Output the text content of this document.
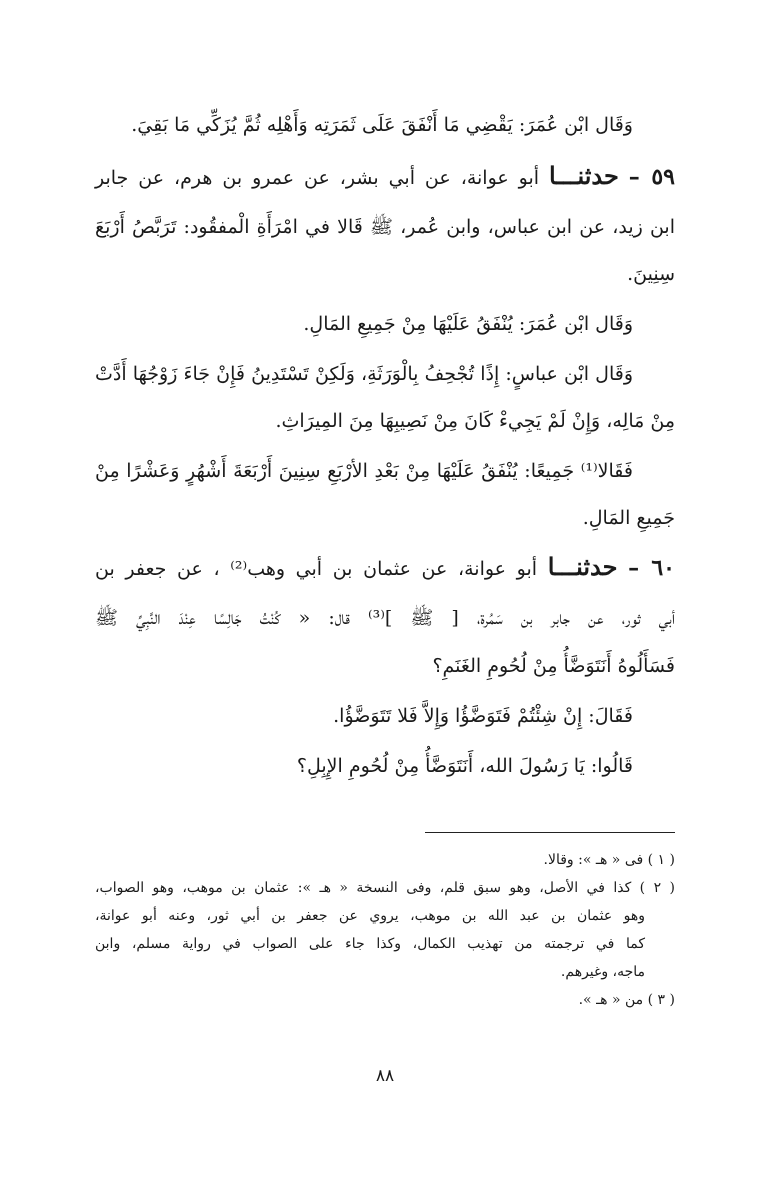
وَقَال ابْن عُمَرَ: يَقْضِي مَا أَنْفَقَ عَلَى ثَمَرَتِه وَأَهْلِه ثُمَّ يُزَكِّي مَا بَقِيَ.

٥٩ – حدثنـــا أبو عوانة، عن أبي بشر، عن عمرو بن هرم، عن جابر

ابن زيد، عن ابن عباس، وابن عُمر، ﷺ قَالا في امْرَأَةِ الْمفقُود: تَرَبَّصُ أَرْبَعَ

سِنِينَ.

وَقَال ابْن عُمَرَ: يُنْفَقُ عَلَيْهَا مِنْ جَمِيعِ المَالِ.

وَقَال ابْن عباسٍ: إِذًا تُجْحِفُ بِالْوَرَثَةِ، وَلَكِنْ تَسْتَدِينُ فَإِنْ جَاءَ زَوْجُهَا أَدَّتْ

مِنْ مَالِه، وَإِنْ لَمْ يَجِيءْ كَانَ مِنْ نَصِيبِهَا مِنَ المِيرَاثِ.

فَقَالا⁽¹⁾ جَمِيعًا: يُنْفَقُ عَلَيْهَا مِنْ بَعْدِ الأرْبَعِ سِنِينَ أَرْبَعَةَ أَشْهُرٍ وَعَشْرًا مِنْ

جَمِيعِ المَالِ.

٦٠ – حدثنـــا أبو عوانة، عن عثمان بن أبي وهب⁽²⁾ ، عن جعفر بن

أبي ثور، عن جابر بن سَمُرة، [ ﷺ ]⁽³⁾ قال: « كُنْتُ جَالِسًا عِنْدَ النَّبِيِّ ﷺ

فَسَأَلُوهُ أَنَتَوَضَّأُ مِنْ لُحُومِ الغَنَمِ؟

فَقَالَ: إِنْ شِئْتُمْ فَتَوَضَّؤُا وَإِلاَّ فَلا تَتَوَضَّؤُا.

قَالُوا: يَا رَسُولَ الله، أَنَتَوَضَّأُ مِنْ لُحُومِ الإِبِلِ؟

( ١ ) فى « هـ »: وقالا.

( ٢ ) كذا في الأصل، وهو سبق قلم، وفى النسخة « هـ »: عثمان بن موهب، وهو الصواب،

وهو عثمان بن عبد الله بن موهب، يروي عن جعفر بن أبي ثور، وعنه أبو عوانة،

كما في ترجمته من تهذيب الكمال، وكذا جاء على الصواب في رواية مسلم، وابن

ماجه، وغيرهم.

( ٣ ) من « هـ ».

٨٨
